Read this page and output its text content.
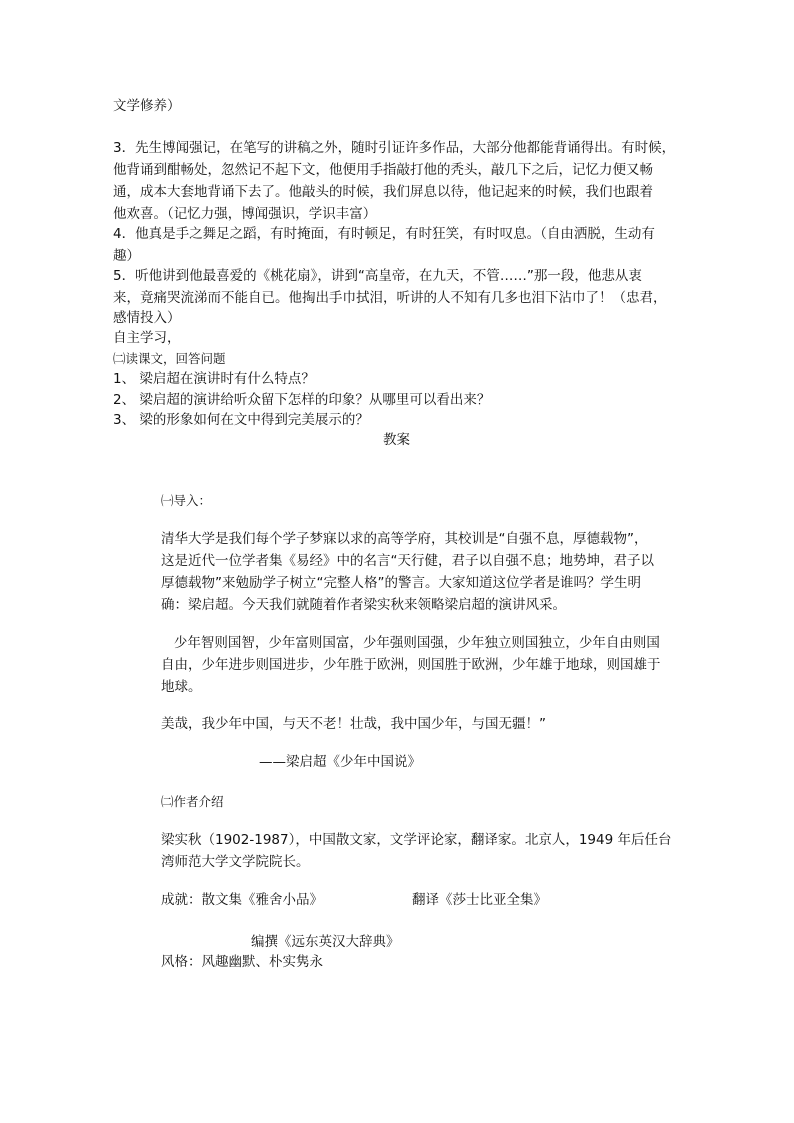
文学修养）
3．先生博闻强记，在笔写的讲稿之外，随时引证许多作品，大部分他都能背诵得出。有时候，
他背诵到酣畅处，忽然记不起下文，他便用手指敲打他的秃头，敲几下之后，记忆力便又畅
通，成本大套地背诵下去了。他敲头的时候，我们屏息以待，他记起来的时候，我们也跟着
他欢喜。（记忆力强，博闻强识，学识丰富）
4．他真是手之舞足之蹈，有时掩面，有时顿足，有时狂笑，有时叹息。（自由洒脱，生动有
趣）
5．听他讲到他最喜爱的《桃花扇》，讲到“高皇帝，在九天，不管……”那一段，他悲从衷
来，竟痛哭流涕而不能自已。他掏出手巾拭泪，听讲的人不知有几多也泪下沾巾了！（忠君，
感情投入）
自主学习，
㈡读课文，回答问题
1、 梁启超在演讲时有什么特点？
2、 梁启超的演讲给听众留下怎样的印象？从哪里可以看出来？
3、 梁的形象如何在文中得到完美展示的？
教案
㈠导入：
清华大学是我们每个学子梦寐以求的高等学府，其校训是“自强不息，厚德载物”，
这是近代一位学者集《易经》中的名言“天行健，君子以自强不息；地势坤，君子以
厚德载物”来勉励学子树立“完整人格”的警言。大家知道这位学者是谁吗？学生明
确：梁启超。今天我们就随着作者梁实秋来领略梁启超的演讲风采。
少年智则国智，少年富则国富，少年强则国强，少年独立则国独立，少年自由则国
自由，少年进步则国进步，少年胜于欧洲，则国胜于欧洲，少年雄于地球，则国雄于
地球。
美哉，我少年中国，与天不老！壮哉，我中国少年，与国无疆！”
——梁启超《少年中国说》
㈡作者介绍
梁实秋（1902-1987），中国散文家，文学评论家，翻译家。北京人，1949 年后任台
湾师范大学文学院院长。
成就：散文集《雅舍小品》	翻译《莎士比亚全集》
编撰《远东英汉大辞典》
风格：风趣幽默、朴实隽永
